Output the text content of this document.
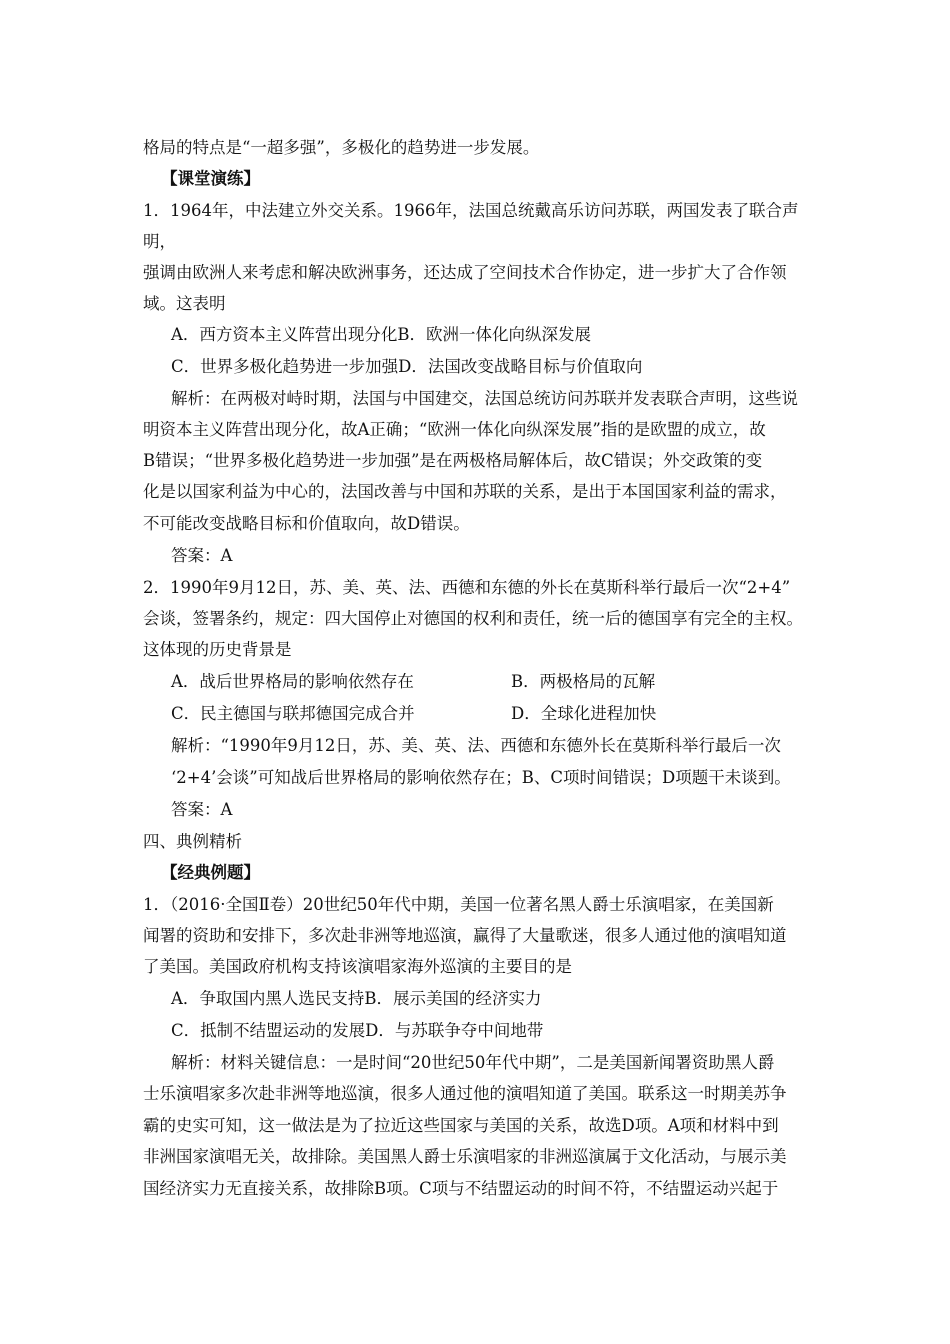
格局的特点是“一超多强”，多极化的趋势进一步发展。
【课堂演练】
1．1964年，中法建立外交关系。1966年，法国总统戴高乐访问苏联，两国发表了联合声
明，
强调由欧洲人来考虑和解决欧洲事务，还达成了空间技术合作协定，进一步扩大了合作领
域。这表明
A．西方资本主义阵营出现分化B．欧洲一体化向纵深发展
C．世界多极化趋势进一步加强D．法国改变战略目标与价值取向
解析：在两极对峙时期，法国与中国建交，法国总统访问苏联并发表联合声明，这些说
明资本主义阵营出现分化，故A正确；“欧洲一体化向纵深发展”指的是欧盟的成立，故
B错误；“世界多极化趋势进一步加强”是在两极格局解体后，故C错误；外交政策的变
化是以国家利益为中心的，法国改善与中国和苏联的关系，是出于本国国家利益的需求，
不可能改变战略目标和价值取向，故D错误。
答案：A
2．1990年9月12日，苏、美、英、法、西德和东德的外长在莫斯科举行最后一次“2+4”
会谈，签署条约，规定：四大国停止对德国的权利和责任，统一后的德国享有完全的主权。
这体现的历史背景是
A．战后世界格局的影响依然存在	B．两极格局的瓦解
C．民主德国与联邦德国完成合并	D．全球化进程加快
解析：“1990年9月12日，苏、美、英、法、西德和东德外长在莫斯科举行最后一次
‘2+4’会谈”可知战后世界格局的影响依然存在；B、C项时间错误；D项题干未谈到。
答案：A
四、典例精析
【经典例题】
1．（2016·全国Ⅱ卷）20世纪50年代中期，美国一位著名黑人爵士乐演唱家，在美国新
闻署的资助和安排下，多次赴非洲等地巡演，赢得了大量歌迷，很多人通过他的演唱知道
了美国。美国政府机构支持该演唱家海外巡演的主要目的是
A．争取国内黑人选民支持B．展示美国的经济实力
C．抵制不结盟运动的发展D．与苏联争夺中间地带
解析：材料关键信息：一是时间“20世纪50年代中期”，二是美国新闻署资助黑人爵
士乐演唱家多次赴非洲等地巡演，很多人通过他的演唱知道了美国。联系这一时期美苏争
霸的史实可知，这一做法是为了拉近这些国家与美国的关系，故选D项。A项和材料中到
非洲国家演唱无关，故排除。美国黑人爵士乐演唱家的非洲巡演属于文化活动，与展示美
国经济实力无直接关系，故排除B项。C项与不结盟运动的时间不符，不结盟运动兴起于
